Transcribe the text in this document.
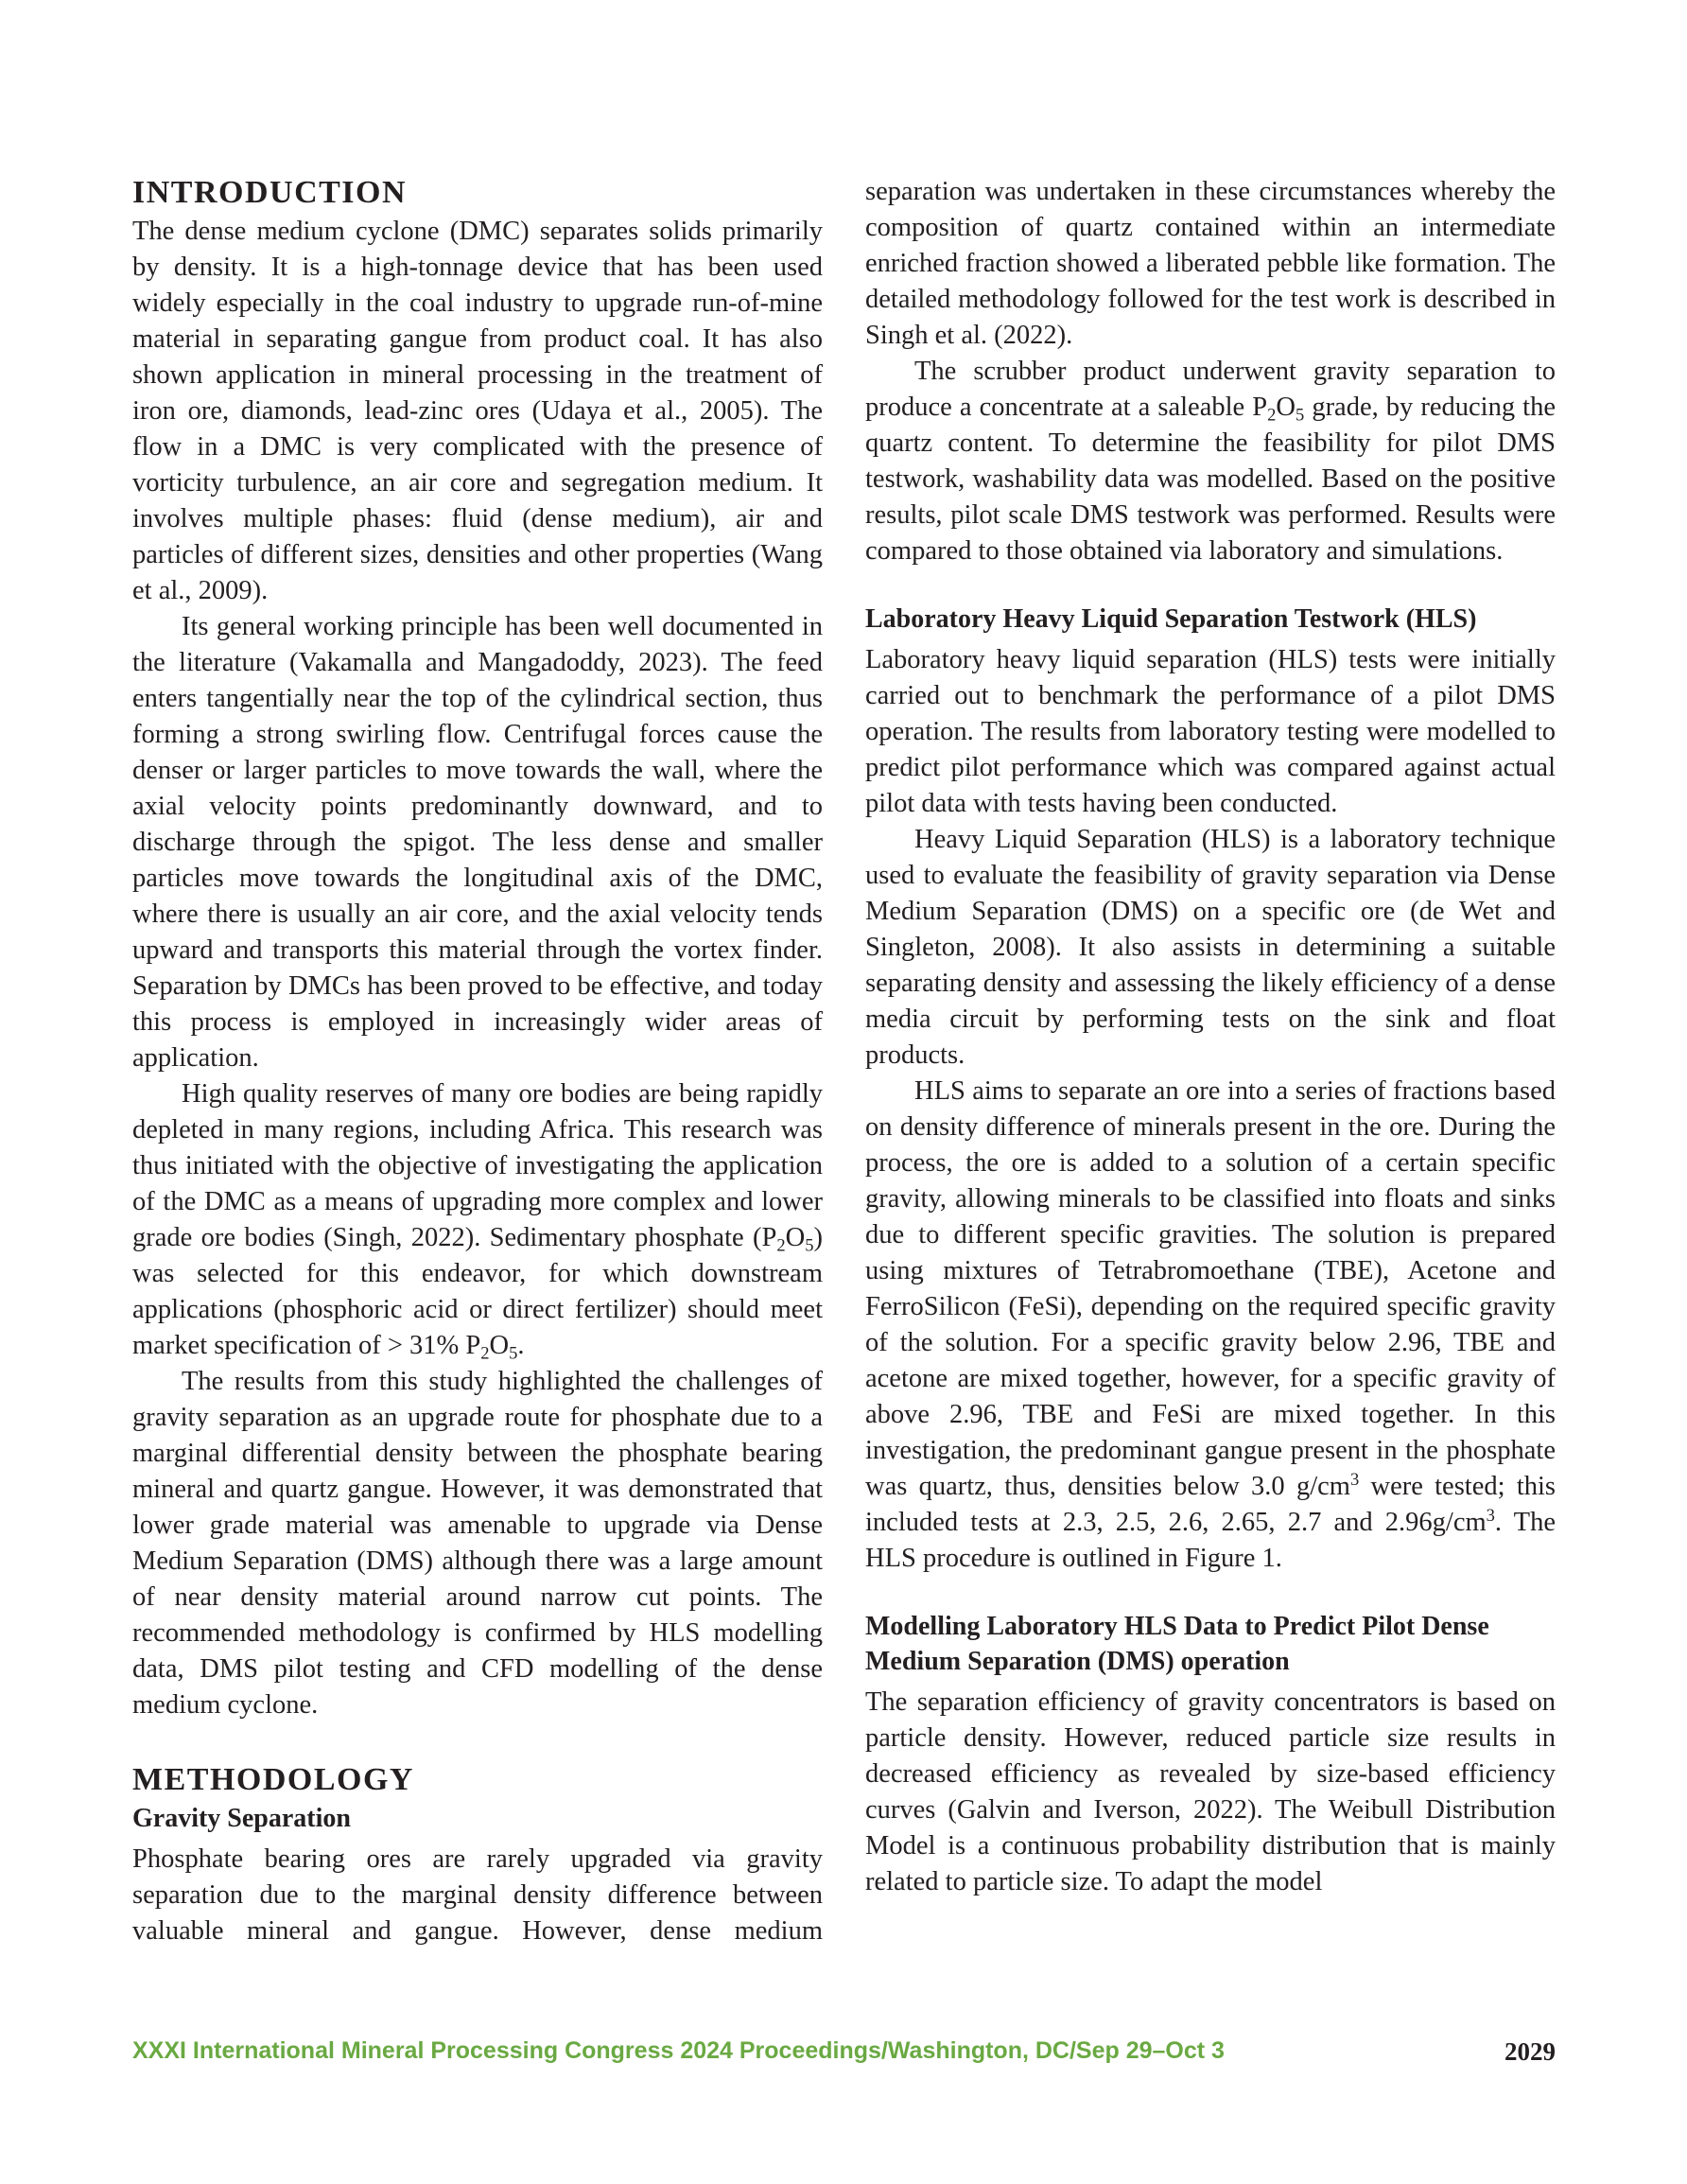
INTRODUCTION

The dense medium cyclone (DMC) separates solids primarily by density. It is a high-tonnage device that has been used widely especially in the coal industry to upgrade run-of-mine material in separating gangue from product coal. It has also shown application in mineral processing in the treatment of iron ore, diamonds, lead-zinc ores (Udaya et al., 2005). The flow in a DMC is very complicated with the presence of vorticity turbulence, an air core and segregation medium. It involves multiple phases: fluid (dense medium), air and particles of different sizes, densities and other properties (Wang et al., 2009).

Its general working principle has been well documented in the literature (Vakamalla and Mangadoddy, 2023). The feed enters tangentially near the top of the cylindrical section, thus forming a strong swirling flow. Centrifugal forces cause the denser or larger particles to move towards the wall, where the axial velocity points predominantly downward, and to discharge through the spigot. The less dense and smaller particles move towards the longitudinal axis of the DMC, where there is usually an air core, and the axial velocity tends upward and transports this material through the vortex finder. Separation by DMCs has been proved to be effective, and today this process is employed in increasingly wider areas of application.

High quality reserves of many ore bodies are being rapidly depleted in many regions, including Africa. This research was thus initiated with the objective of investigating the application of the DMC as a means of upgrading more complex and lower grade ore bodies (Singh, 2022). Sedimentary phosphate $(P_2O_5)$ was selected for this endeavor, for which downstream applications (phosphoric acid or direct fertilizer) should meet market specification of > 31% $P_2O_5$.

The results from this study highlighted the challenges of gravity separation as an upgrade route for phosphate due to a marginal differential density between the phosphate bearing mineral and quartz gangue. However, it was demonstrated that lower grade material was amenable to upgrade via Dense Medium Separation (DMS) although there was a large amount of near density material around narrow cut points. The recommended methodology is confirmed by HLS modelling data, DMS pilot testing and CFD modelling of the dense medium cyclone.

METHODOLOGY
Gravity Separation

Phosphate bearing ores are rarely upgraded via gravity separation due to the marginal density difference between valuable mineral and gangue. However, dense medium

separation was undertaken in these circumstances whereby the composition of quartz contained within an intermediate enriched fraction showed a liberated pebble like formation. The detailed methodology followed for the test work is described in Singh et al. (2022).

The scrubber product underwent gravity separation to produce a concentrate at a saleable $P_2O_5$ grade, by reducing the quartz content. To determine the feasibility for pilot DMS testwork, washability data was modelled. Based on the positive results, pilot scale DMS testwork was performed. Results were compared to those obtained via laboratory and simulations.

Laboratory Heavy Liquid Separation Testwork (HLS)

Laboratory heavy liquid separation (HLS) tests were initially carried out to benchmark the performance of a pilot DMS operation. The results from laboratory testing were modelled to predict pilot performance which was compared against actual pilot data with tests having been conducted.

Heavy Liquid Separation (HLS) is a laboratory technique used to evaluate the feasibility of gravity separation via Dense Medium Separation (DMS) on a specific ore (de Wet and Singleton, 2008). It also assists in determining a suitable separating density and assessing the likely efficiency of a dense media circuit by performing tests on the sink and float products.

HLS aims to separate an ore into a series of fractions based on density difference of minerals present in the ore. During the process, the ore is added to a solution of a certain specific gravity, allowing minerals to be classified into floats and sinks due to different specific gravities. The solution is prepared using mixtures of Tetrabromoethane (TBE), Acetone and FerroSilicon (FeSi), depending on the required specific gravity of the solution. For a specific gravity below 2.96, TBE and acetone are mixed together, however, for a specific gravity of above 2.96, TBE and FeSi are mixed together. In this investigation, the predominant gangue present in the phosphate was quartz, thus, densities below 3.0 $g/cm^3$ were tested; this included tests at 2.3, 2.5, 2.6, 2.65, 2.7 and $2.96g/cm^3$. The HLS procedure is outlined in Figure 1.

Modelling Laboratory HLS Data to Predict Pilot Dense Medium Separation (DMS) operation

The separation efficiency of gravity concentrators is based on particle density. However, reduced particle size results in decreased efficiency as revealed by size-based efficiency curves (Galvin and Iverson, 2022). The Weibull Distribution Model is a continuous probability distribution that is mainly related to particle size. To adapt the model

XXXI International Mineral Processing Congress 2024 Proceedings/Washington, DC/Sep 29–Oct 3	2029
